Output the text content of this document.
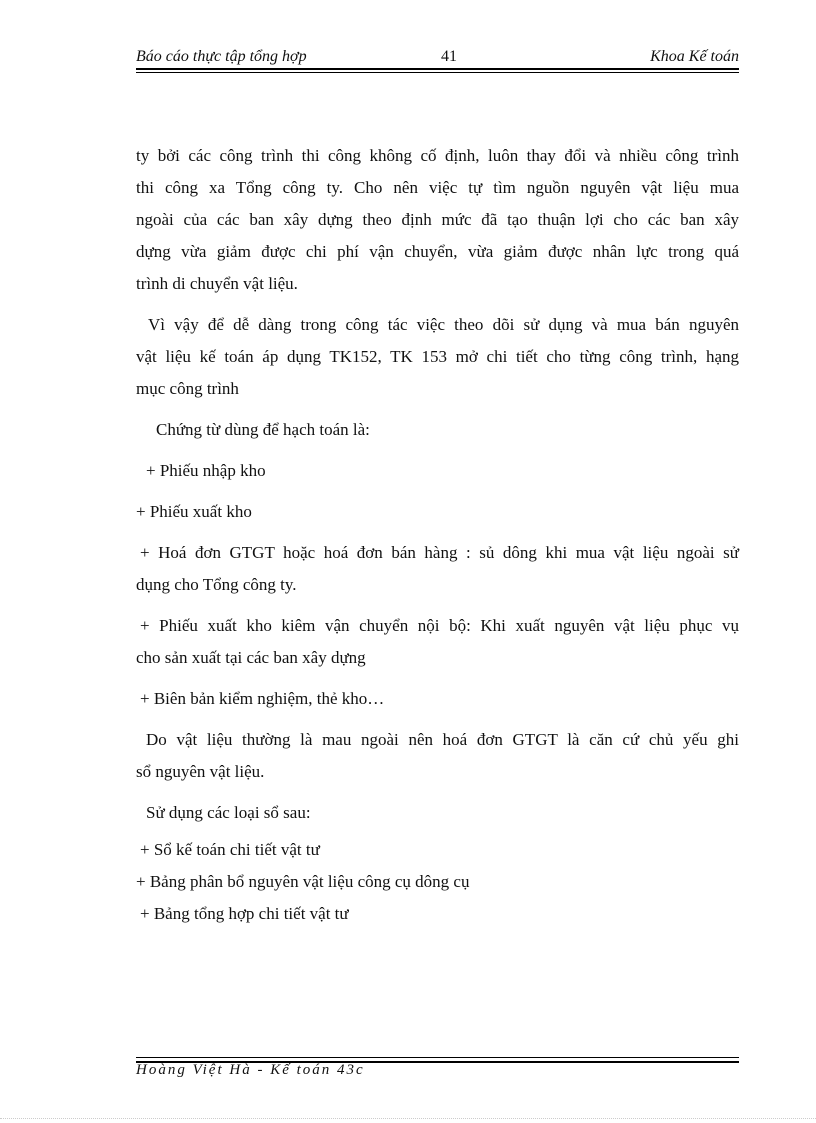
Báo cáo thực tập tổng hợp	41	Khoa Kế toán
ty bởi các công trình thi công không cố định, luôn thay đổi và nhiều công trình
thi công xa Tổng công ty. Cho nên việc tự tìm nguồn nguyên vật liệu mua
ngoài của các ban xây dựng theo định mức đã tạo thuận lợi cho các ban xây
dựng vừa giảm được chi phí vận chuyển, vừa giảm được nhân lực trong quá
trình di chuyển vật liệu.
Vì vậy để dễ dàng trong công tác việc theo dõi sử dụng và mua bán nguyên
vật liệu kế toán áp dụng TK152, TK 153 mở chi tiết cho từng công trình, hạng
mục công trình
Chứng từ dùng để hạch toán là:
+ Phiếu nhập kho
+ Phiếu xuất kho
+ Hoá đơn GTGT hoặc hoá đơn bán hàng : sủ dông khi mua vật liệu ngoài sử
dụng cho Tổng công ty.
+ Phiếu xuất kho kiêm vận chuyển nội bộ: Khi xuất nguyên vật liệu phục vụ
cho sản xuất tại các ban xây dựng
+ Biên bản kiểm nghiệm, thẻ kho…
Do vật liệu thường là mau ngoài nên hoá đơn GTGT là căn cứ chủ yếu ghi
sổ nguyên vật liệu.
Sử dụng các loại sổ sau:
+ Sổ kế toán chi tiết vật tư
+ Bảng phân bổ nguyên vật liệu công cụ dông cụ
+ Bảng tổng hợp chi tiết vật tư
Hoàng Việt Hà - Kế toán 43c
